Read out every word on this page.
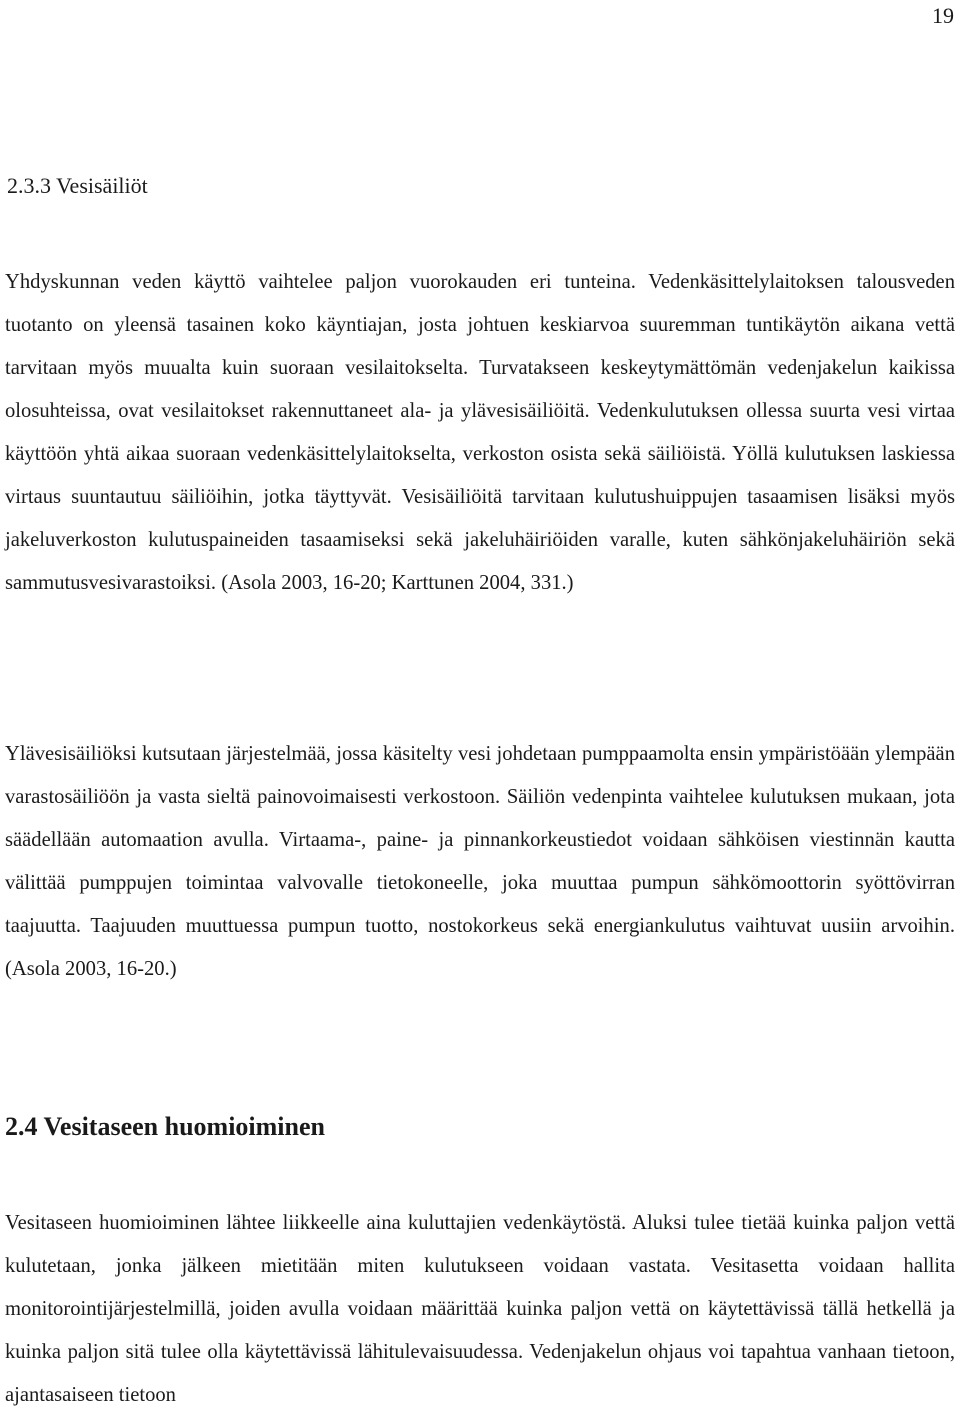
19
2.3.3 Vesisäiliöt

Yhdyskunnan veden käyttö vaihtelee paljon vuorokauden eri tunteina. Vedenkäsittelylaitoksen talousveden tuotanto on yleensä tasainen koko käyntiajan, josta johtuen keskiarvoa suuremman tuntikäytön aikana vettä tarvitaan myös muualta kuin suoraan vesilaitokselta. Turvatakseen keskeytymättömän vedenjakelun kaikissa olosuhteissa, ovat vesilaitokset rakennuttaneet ala- ja ylävesisäiliöitä. Vedenkulutuksen ollessa suurta vesi virtaa käyttöön yhtä aikaa suoraan vedenkäsittelylaitokselta, verkoston osista sekä säiliöistä. Yöllä kulutuksen laskiessa virtaus suuntautuu säiliöihin, jotka täyttyvät. Vesisäiliöitä tarvitaan kulutushuippujen tasaamisen lisäksi myös jakeluverkoston kulutuspaineiden tasaamiseksi sekä jakeluhäiriöiden varalle, kuten sähkönjakeluhäiriön sekä sammutusvesivarastoiksi. (Asola 2003, 16-20; Karttunen 2004, 331.)

Ylävesisäiliöksi kutsutaan järjestelmää, jossa käsitelty vesi johdetaan pumppaamolta ensin ympäristöään ylempään varastosäiliöön ja vasta sieltä painovoimaisesti verkostoon. Säiliön vedenpinta vaihtelee kulutuksen mukaan, jota säädellään automaation avulla. Virtaama-, paine- ja pinnankorkeustiedot voidaan sähköisen viestinnän kautta välittää pumppujen toimintaa valvovalle tietokoneelle, joka muuttaa pumpun sähkömoottorin syöttövirran taajuutta. Taajuuden muuttuessa pumpun tuotto, nostokorkeus sekä energiankulutus vaihtuvat uusiin arvoihin. (Asola 2003, 16-20.)

2.4 Vesitaseen huomioiminen

Vesitaseen huomioiminen lähtee liikkeelle aina kuluttajien vedenkäytöstä. Aluksi tulee tietää kuinka paljon vettä kulutetaan, jonka jälkeen mietitään miten kulutukseen voidaan vastata. Vesitasetta voidaan hallita monitorointijärjestelmillä, joiden avulla voidaan määrittää kuinka paljon vettä on käytettävissä tällä hetkellä ja kuinka paljon sitä tulee olla käytettävissä lähitulevaisuudessa. Vedenjakelun ohjaus voi tapahtua vanhaan tietoon, ajantasaiseen tietoon
